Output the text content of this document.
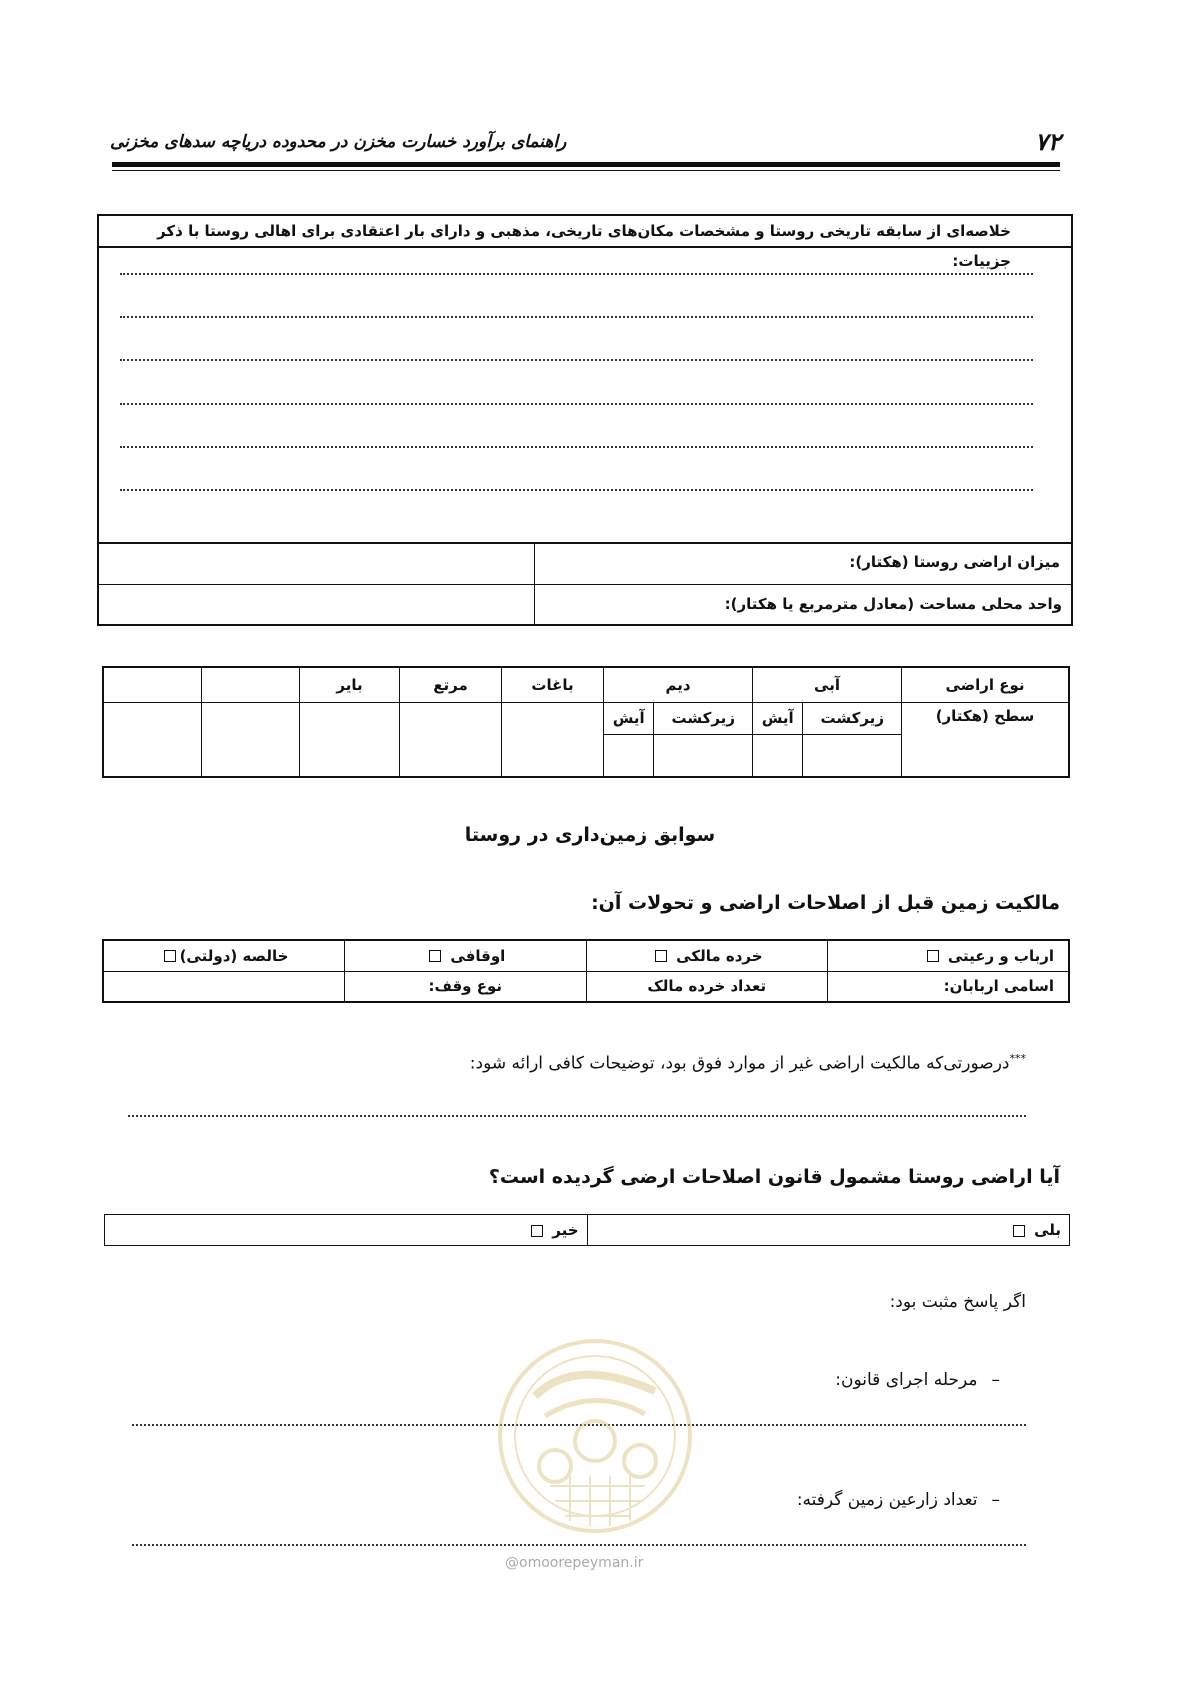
۷۲
راهنمای برآورد خسارت مخزن در محدوده دریاچه سدهای مخزنی
خلاصه‌ای از سابقه تاریخی روستا و مشخصات مکان‌های تاریخی، مذهبی و دارای بار اعتقادی برای اهالی روستا با ذکر جزییات:
میزان اراضی روستا (هکتار):
واحد محلی مساحت (معادل مترمربع یا هکتار):
نوع اراضی	آبی		دیم		باغات	مرتع	بایر		
سطح (هکتار)	زیرکشت	آیش	زیرکشت	آیش					

سوابق زمین‌داری در روستا
مالکیت زمین قبل از اصلاحات اراضی و تحولات آن:
ارباب و رعیتی	خرده مالکی	اوقافی	خالصه (دولتی)
اسامی اربابان:	تعداد خرده مالک	نوع وقف:	
***درصورتی‌که مالکیت اراضی غیر از موارد فوق بود، توضیحات کافی ارائه شود:
آیا اراضی روستا مشمول قانون اصلاحات ارضی گردیده است؟
بلی	خیر
اگر پاسخ مثبت بود:
–مرحله اجرای قانون:
–تعداد زارعین زمین گرفته:
@omoorepeyman.ir
